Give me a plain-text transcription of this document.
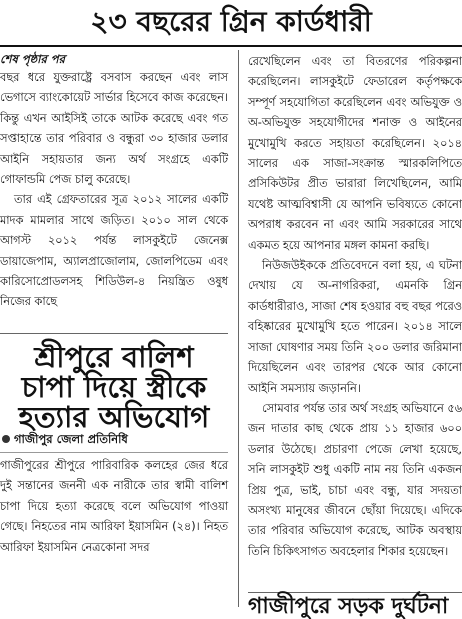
২৩ বছরের গ্রিন কার্ডধারী
শেষ পৃষ্ঠার পর

বছর ধরে যুক্তরাষ্ট্রে বসবাস করছেন এবং লাস ভেগাসে ব্যাংকোয়েট সার্ভার হিসেবে কাজ করেছেন। কিন্তু এখন আইসিই তাকে আটক করেছে এবং গত সপ্তাহান্তে তার পরিবার ও বন্ধুরা ৩০ হাজার ডলার আইনি সহায়তার জন্য অর্থ সংগ্রহে একটি গোফান্ডমি পেজ চালু করেছে।

তার এই গ্রেফতারের সূত্র ২০১২ সালের একটি মাদক মামলার সাথে জড়িত। ২০১০ সাল থেকে আগস্ট ২০১২ পর্যন্ত লাসকুইটে জেনেক্স ডায়াজেপাম, অ্যালপ্রাজোলাম, জোলপিডেম এবং কারিসোপ্রোডলসহ শিডিউল-৪ নিয়ন্ত্রিত ওষুধ নিজের কাছে

রেখেছিলেন এবং তা বিতরণের পরিকল্পনা করেছিলেন। লাসকুইটে ফেডারেল কর্তৃপক্ষকে সম্পূর্ণ সহযোগিতা করেছিলেন এবং অভিযুক্ত ও অ-অভিযুক্ত সহযোগীদের শনাক্ত ও আইনের মুখোমুখি করতে সহায়তা করেছিলেন। ২০১৪ সালের এক সাজা-সংক্রান্ত স্মারকলিপিতে প্রসিকিউটর প্রীত ভারারা লিখেছিলেন, আমি যথেষ্ট আত্মবিশ্বাসী যে আপনি ভবিষ্যতে কোনো অপরাধ করবেন না এবং আমি সরকারের সাথে একমত হয়ে আপনার মঙ্গল কামনা করছি।

নিউজউইককে প্রতিবেদনে বলা হয়, এ ঘটনা দেখায় যে অ-নাগরিকরা, এমনকি গ্রিন কার্ডধারীরাও, সাজা শেষ হওয়ার বহু বছর পরেও বহিষ্কারের মুখোমুখি হতে পারেন। ২০১৪ সালে সাজা ঘোষণার সময় তিনি ২০০ ডলার জরিমানা দিয়েছিলেন এবং তারপর থেকে আর কোনো আইনি সমস্যায় জড়াননি।

সোমবার পর্যন্ত তার অর্থ সংগ্রহ অভিযানে ৫৬ জন দাতার কাছ থেকে প্রায় ১১ হাজার ৬০০ ডলার উঠেছে। প্রচারণা পেজে লেখা হয়েছে, সনি লাসকুইট শুধু একটি নাম নয় তিনি একজন প্রিয় পুত্র, ভাই, চাচা এবং বন্ধু, যার সদয়তা অসংখ্য মানুষের জীবনে ছোঁয়া দিয়েছে। এদিকে তার পরিবার অভিযোগ করেছে, আটক অবস্থায় তিনি চিকিৎসাগত অবহেলার শিকার হয়েছেন।

শ্রীপুরে বালিশ
চাপা দিয়ে স্ত্রীকে
হত্যার অভিযোগ
গাজীপুর জেলা প্রতিনিধি

গাজীপুরের শ্রীপুরে পারিবারিক কলহের জের ধরে দুই সন্তানের জননী এক নারীকে তার স্বামী বালিশ চাপা দিয়ে হত্যা করেছে বলে অভিযোগ পাওয়া গেছে। নিহতের নাম আরিফা ইয়াসমিন (২৪)। নিহত আরিফা ইয়াসমিন নেত্রকোনা সদর

গাজীপুরে সড়ক দুর্ঘটনা
